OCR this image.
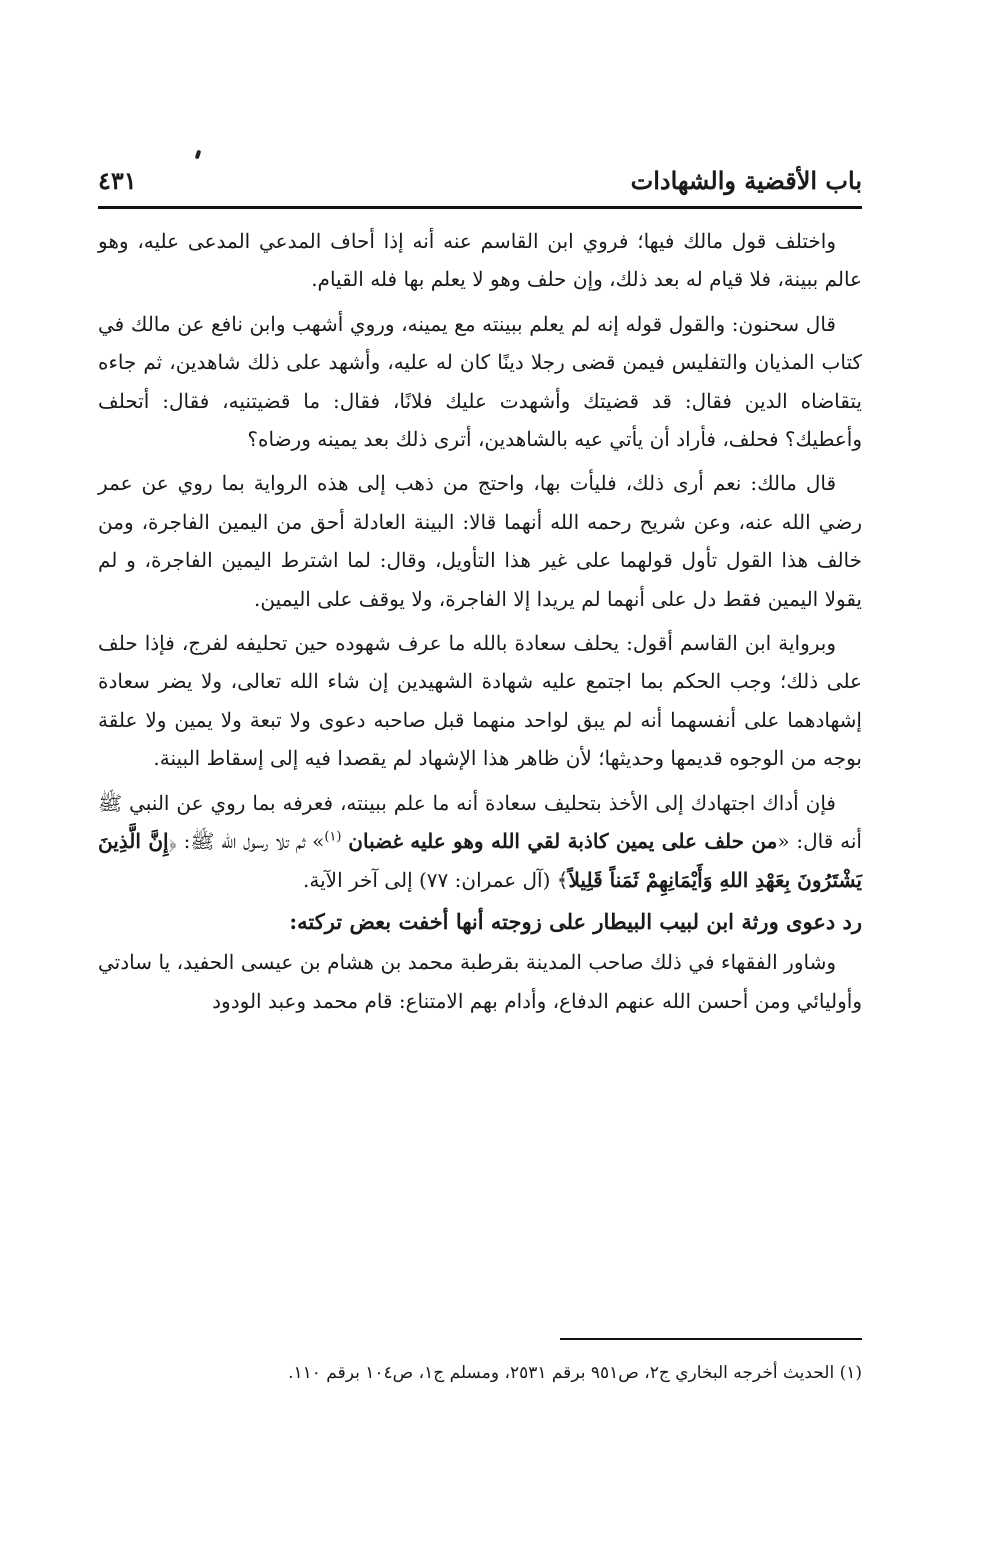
باب الأقضية والشهادات
٤٣١

واختلف قول مالك فيها؛ فروي ابن القاسم عنه أنه إذا أحاف المدعي المدعى عليه، وهو عالم ببينة، فلا قيام له بعد ذلك، وإن حلف وهو لا يعلم بها فله القيام.

قال سحنون: والقول قوله إنه لم يعلم ببينته مع يمينه، وروي أشهب وابن نافع عن مالك في كتاب المذيان والتفليس فيمن قضى رجلا دينًا كان له عليه، وأشهد على ذلك شاهدين، ثم جاءه يتقاضاه الدين فقال: قد قضيتك وأشهدت عليك فلانًا، فقال: ما قضيتنيه، فقال: أتحلف وأعطيك؟ فحلف، فأراد أن يأتي عيه بالشاهدين، أترى ذلك بعد يمينه ورضاه؟

قال مالك: نعم أرى ذلك، فليأت بها، واحتج من ذهب إلى هذه الرواية بما روي عن عمر رضي الله عنه، وعن شريح رحمه الله أنهما قالا: البينة العادلة أحق من اليمين الفاجرة، ومن خالف هذا القول تأول قولهما على غير هذا التأويل، وقال: لما اشترط اليمين الفاجرة، و لم يقولا اليمين فقط دل على أنهما لم يريدا إلا الفاجرة، ولا يوقف على اليمين.

وبرواية ابن القاسم أقول: يحلف سعادة بالله ما عرف شهوده حين تحليفه لفرج، فإذا حلف على ذلك؛ وجب الحكم بما اجتمع عليه شهادة الشهيدين إن شاء الله تعالى، ولا يضر سعادة إشهادهما على أنفسهما أنه لم يبق لواحد منهما قبل صاحبه دعوى ولا تبعة ولا يمين ولا علقة بوجه من الوجوه قديمها وحديثها؛ لأن ظاهر هذا الإشهاد لم يقصدا فيه إلى إسقاط البينة.

فإن أداك اجتهادك إلى الأخذ بتحليف سعادة أنه ما علم ببينته، فعرفه بما روي عن النبي ﷺ أنه قال: «من حلف على يمين كاذبة لقي الله وهو عليه غضبان $^{(١)}$» ثم تلا رسول الله ﷺ: ﴿إِنَّ الَّذِينَ يَشْتَرُونَ بِعَهْدِ اللهِ وَأَيْمَانِهِمْ ثَمَناً قَلِيلاً﴾ (آل عمران: ٧٧) إلى آخر الآية.

رد دعوى ورثة ابن لبيب البيطار على زوجته أنها أخفت بعض تركته:

وشاور الفقهاء في ذلك صاحب المدينة بقرطبة محمد بن هشام بن عيسى الحفيد، يا سادتي وأوليائي ومن أحسن الله عنهم الدفاع، وأدام بهم الامتناع: قام محمد وعبد الودود

(١) الحديث أخرجه البخاري ج٢، ص٩٥١ برقم ٢٥٣١، ومسلم ج١، ص١٠٤ برقم ١١٠.
